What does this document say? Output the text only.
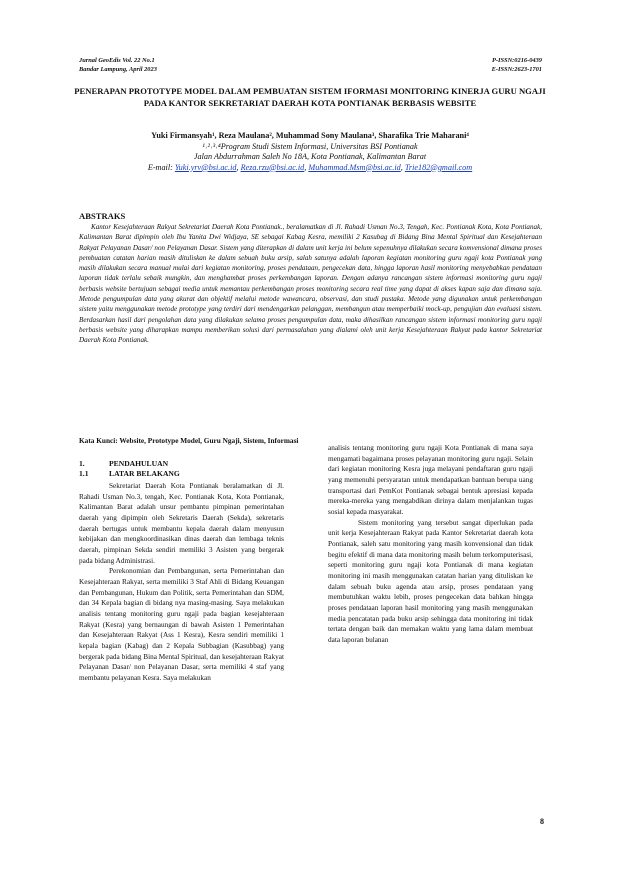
Jurnal GeoEdis Vol. 22 No.1
Bandar Lampung, April 2023
P-ISSN:0216-0439
E-ISSN:2623-1701
PENERAPAN PROTOTYPE MODEL DALAM PEMBUATAN SISTEM IFORMASI MONITORING KINERJA GURU NGAJI PADA KANTOR SEKRETARIAT DAERAH KOTA PONTIANAK BERBASIS WEBSITE
Yuki Firmansyah¹, Reza Maulana², Muhammad Sony Maulana³, Sharafika Trie Maharani⁴
¹˒²˒³˒⁴Program Studi Sistem Informasi, Universitas BSI Pontianak
Jalan Abdurrahman Saleh No 18A, Kota Pontianak, Kalimantan Barat
E-mail: Yuki.yrv@bsi.ac.id, Reza.rzu@bsi.ac.id, Muhammad.Msm@bsi.ac.id, Trie182@gmail.com
ABSTRAKS
Kantor Kesejahteraan Rakyat Sekretariat Daerah Kota Pontianak., beralamatkan di Jl. Rahadi Usman No.3, Tengah, Kec. Pontianak Kota, Kota Pontianak, Kalimantan Barat dipimpin oleh Ibu Yanita Dwi Widjaya, SE sebagai Kabag Kesra, memiliki 2 Kasubag di Bidang Bina Mental Spiritual dan Kesejahteraan Rakyat Pelayanan Dasar/ non Pelayanan Dasar. Sistem yang diterapkan di dalam unit kerja ini belum sepenuhnya dilakukan secara komvensional dimana proses pembuatan catatan harian masih dituliskan ke dalam sebuah buku arsip, salah satunya adalah laporan kegiatan monitoring guru ngaji kota Pontianak yang masih dilakukan secara manual mulai dari kegiatan monitoring, proses pendataan, pengecekan data, hingga laporan hasil monitoring menyebabkan pendataan laporan tidak terlalu sebaik mungkin, dan menghambat proses perkembangan laporan. Dengan adanya rancangan sistem informasi monitoring guru ngaji berbasis website bertujuan sebagai media untuk memantau perkembangan proses monitoring secara real time yang dapat di akses kapan saja dan dimana saja. Metode pengumpulan data yang akurat dan objektif melalui metode wawancara, observasi, dan studi pustaka. Metode yang digunakan untuk perkembangan sistem yaitu menggunakan metode prototype yang terdiri dari mendengarkan pelanggan, membangun atau memperbaiki mock-up, pengujian dan evaluasi sistem. Berdasarkan hasil dari pengolahan data yang dilakukan selama proses pengumpulan data, maka dihasilkan rancangan sistem informasi monitoring guru ngaji berbasis website yang diharapkan mampu memberikan solusi dari permasalahan yang dialami oleh unit kerja Kesejahteraan Rakyat pada kantor Sekretariat Daerah Kota Pontianak.
Kata Kunci: Website, Prototype Model, Guru Ngaji, Sistem, Informasi
1.	PENDAHULUAN
1.1	LATAR BELAKANG

Sekretariat Daerah Kota Pontianak beralamatkan di Jl. Rahadi Usman No.3, tengah, Kec. Pontianak Kota, Kota Pontianak, Kalimantan Barat adalah unsur pembantu pimpinan pemerintahan daerah yang dipimpin oleh Sekretaris Daerah (Sekda), sekretaris daerah bertugas untuk membantu kepala daerah dalam menyusun kebijakan dan mengkoordinasikan dinas daerah dan lembaga teknis daerah, pimpinan Sekda sendiri memiliki 3 Asisten yang bergerak pada bidang Administrasi.

Perekonomian dan Pembangunan, serta Pemerintahan dan Kesejahteraan Rakyat, serta memiliki 3 Staf Ahli di Bidang Keuangan dan Pembangunan, Hukum dan Politik, serta Pemerintahan dan SDM, dan 34 Kepala bagian di bidang nya masing-masing. Saya melakukan analisis tentang monitoring guru ngaji pada bagian kesejahteraan Rakyat (Kesra) yang bernaungan di bawah Asisten 1 Pemerintahan dan Kesejahteraan Rakyat (Ass 1 Kesra), Kesra sendiri memiliki 1 kepala bagian (Kabag) dan 2 Kepala Subbagian (Kasubbag) yang bergerak pada bidang Bina Mental Spiritual, dan kesejahteraan Rakyat Pelayanan Dasar/ non Pelayanan Dasar, serta memiliki 4 staf yang membantu pelayanan Kesra. Saya melakukan

analisis tentang monitoring guru ngaji Kota Pontianak di mana saya mengamati bagaimana proses pelayanan monitoring guru ngaji. Selain dari kegiatan monitoring Kesra juga melayani pendaftaran guru ngaji yang memenuhi persyaratan untuk mendapatkan bantuan berupa uang transportasi dari PemKot Pontianak sebagai bentuk apresiasi kepada mereka-mereka yang mengabdikan dirinya dalam menjalankan tugas sosial kepada masyarakat.

Sistem monitoring yang tersebut sangat diperlukan pada unit kerja Kesejahteraan Rakyat pada Kantor Sekretariat daerah kota Pontianak, saleh satu monitoring yang masih konvensional dan tidak begitu efektif di mana data monitoring masih belum terkomputerisasi, seperti monitoring guru ngaji kota Pontianak di mana kegiatan monitoring ini masih menggunakan catatan harian yang dituliskan ke dalam sebuah buku agenda atau arsip, proses pendataan yang membutuhkan waktu lebih, proses pengecekan data bahkan hingga proses pendataan laporan hasil monitoring yang masih menggunakan media pencatatan pada buku arsip sehingga data monitoring ini tidak tertata dengan baik dan memakan waktu yang lama dalam membuat data laporan bulanan

8
